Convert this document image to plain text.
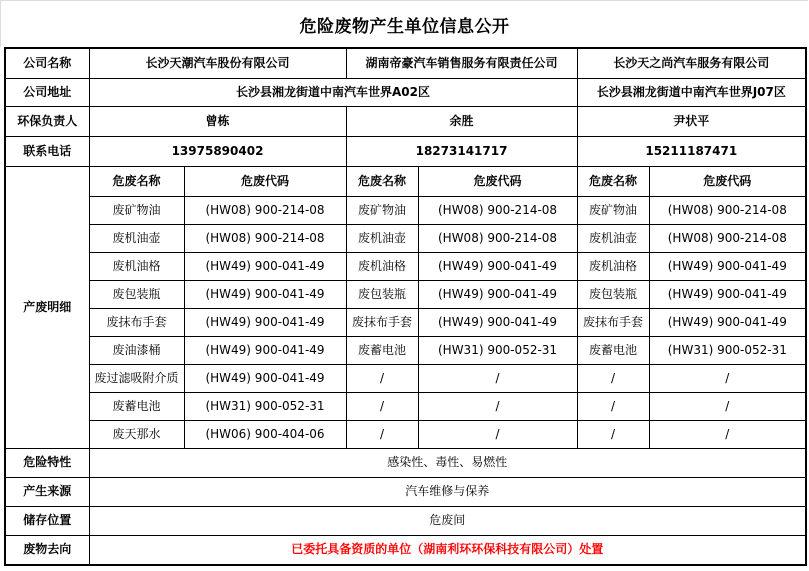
危险废物产生单位信息公开
公司名称	长沙天潮汽车股份有限公司		湖南帝豪汽车销售服务有限责任公司		长沙天之尚汽车服务有限公司	
公司地址	长沙县湘龙街道中南汽车世界A02区				长沙县湘龙街道中南汽车世界J07区	
环保负责人	曾栋		余胜		尹状平	
联系电话	13975890402		18273141717		15211187471	
产废明细	危废名称	危废代码	危废名称	危废代码	危废名称	危废代码
	废矿物油	(HW08) 900-214-08	废矿物油	(HW08) 900-214-08	废矿物油	(HW08) 900-214-08
	废机油壶	(HW08) 900-214-08	废机油壶	(HW08) 900-214-08	废机油壶	(HW08) 900-214-08
	废机油格	(HW49) 900-041-49	废机油格	(HW49) 900-041-49	废机油格	(HW49) 900-041-49
	废包装瓶	(HW49) 900-041-49	废包装瓶	(HW49) 900-041-49	废包装瓶	(HW49) 900-041-49
	废抹布手套	(HW49) 900-041-49	废抹布手套	(HW49) 900-041-49	废抹布手套	(HW49) 900-041-49
	废油漆桶	(HW49) 900-041-49	废蓄电池	(HW31) 900-052-31	废蓄电池	(HW31) 900-052-31
	废过滤吸附介质	(HW49) 900-041-49	/	/	/	/
	废蓄电池	(HW31) 900-052-31	/	/	/	/
	废天那水	(HW06) 900-404-06	/	/	/	/
危险特性	感染性、毒性、易燃性					
产生来源	汽车维修与保养					
储存位置	危废间					
废物去向	已委托具备资质的单位（湖南利环环保科技有限公司）处置					
